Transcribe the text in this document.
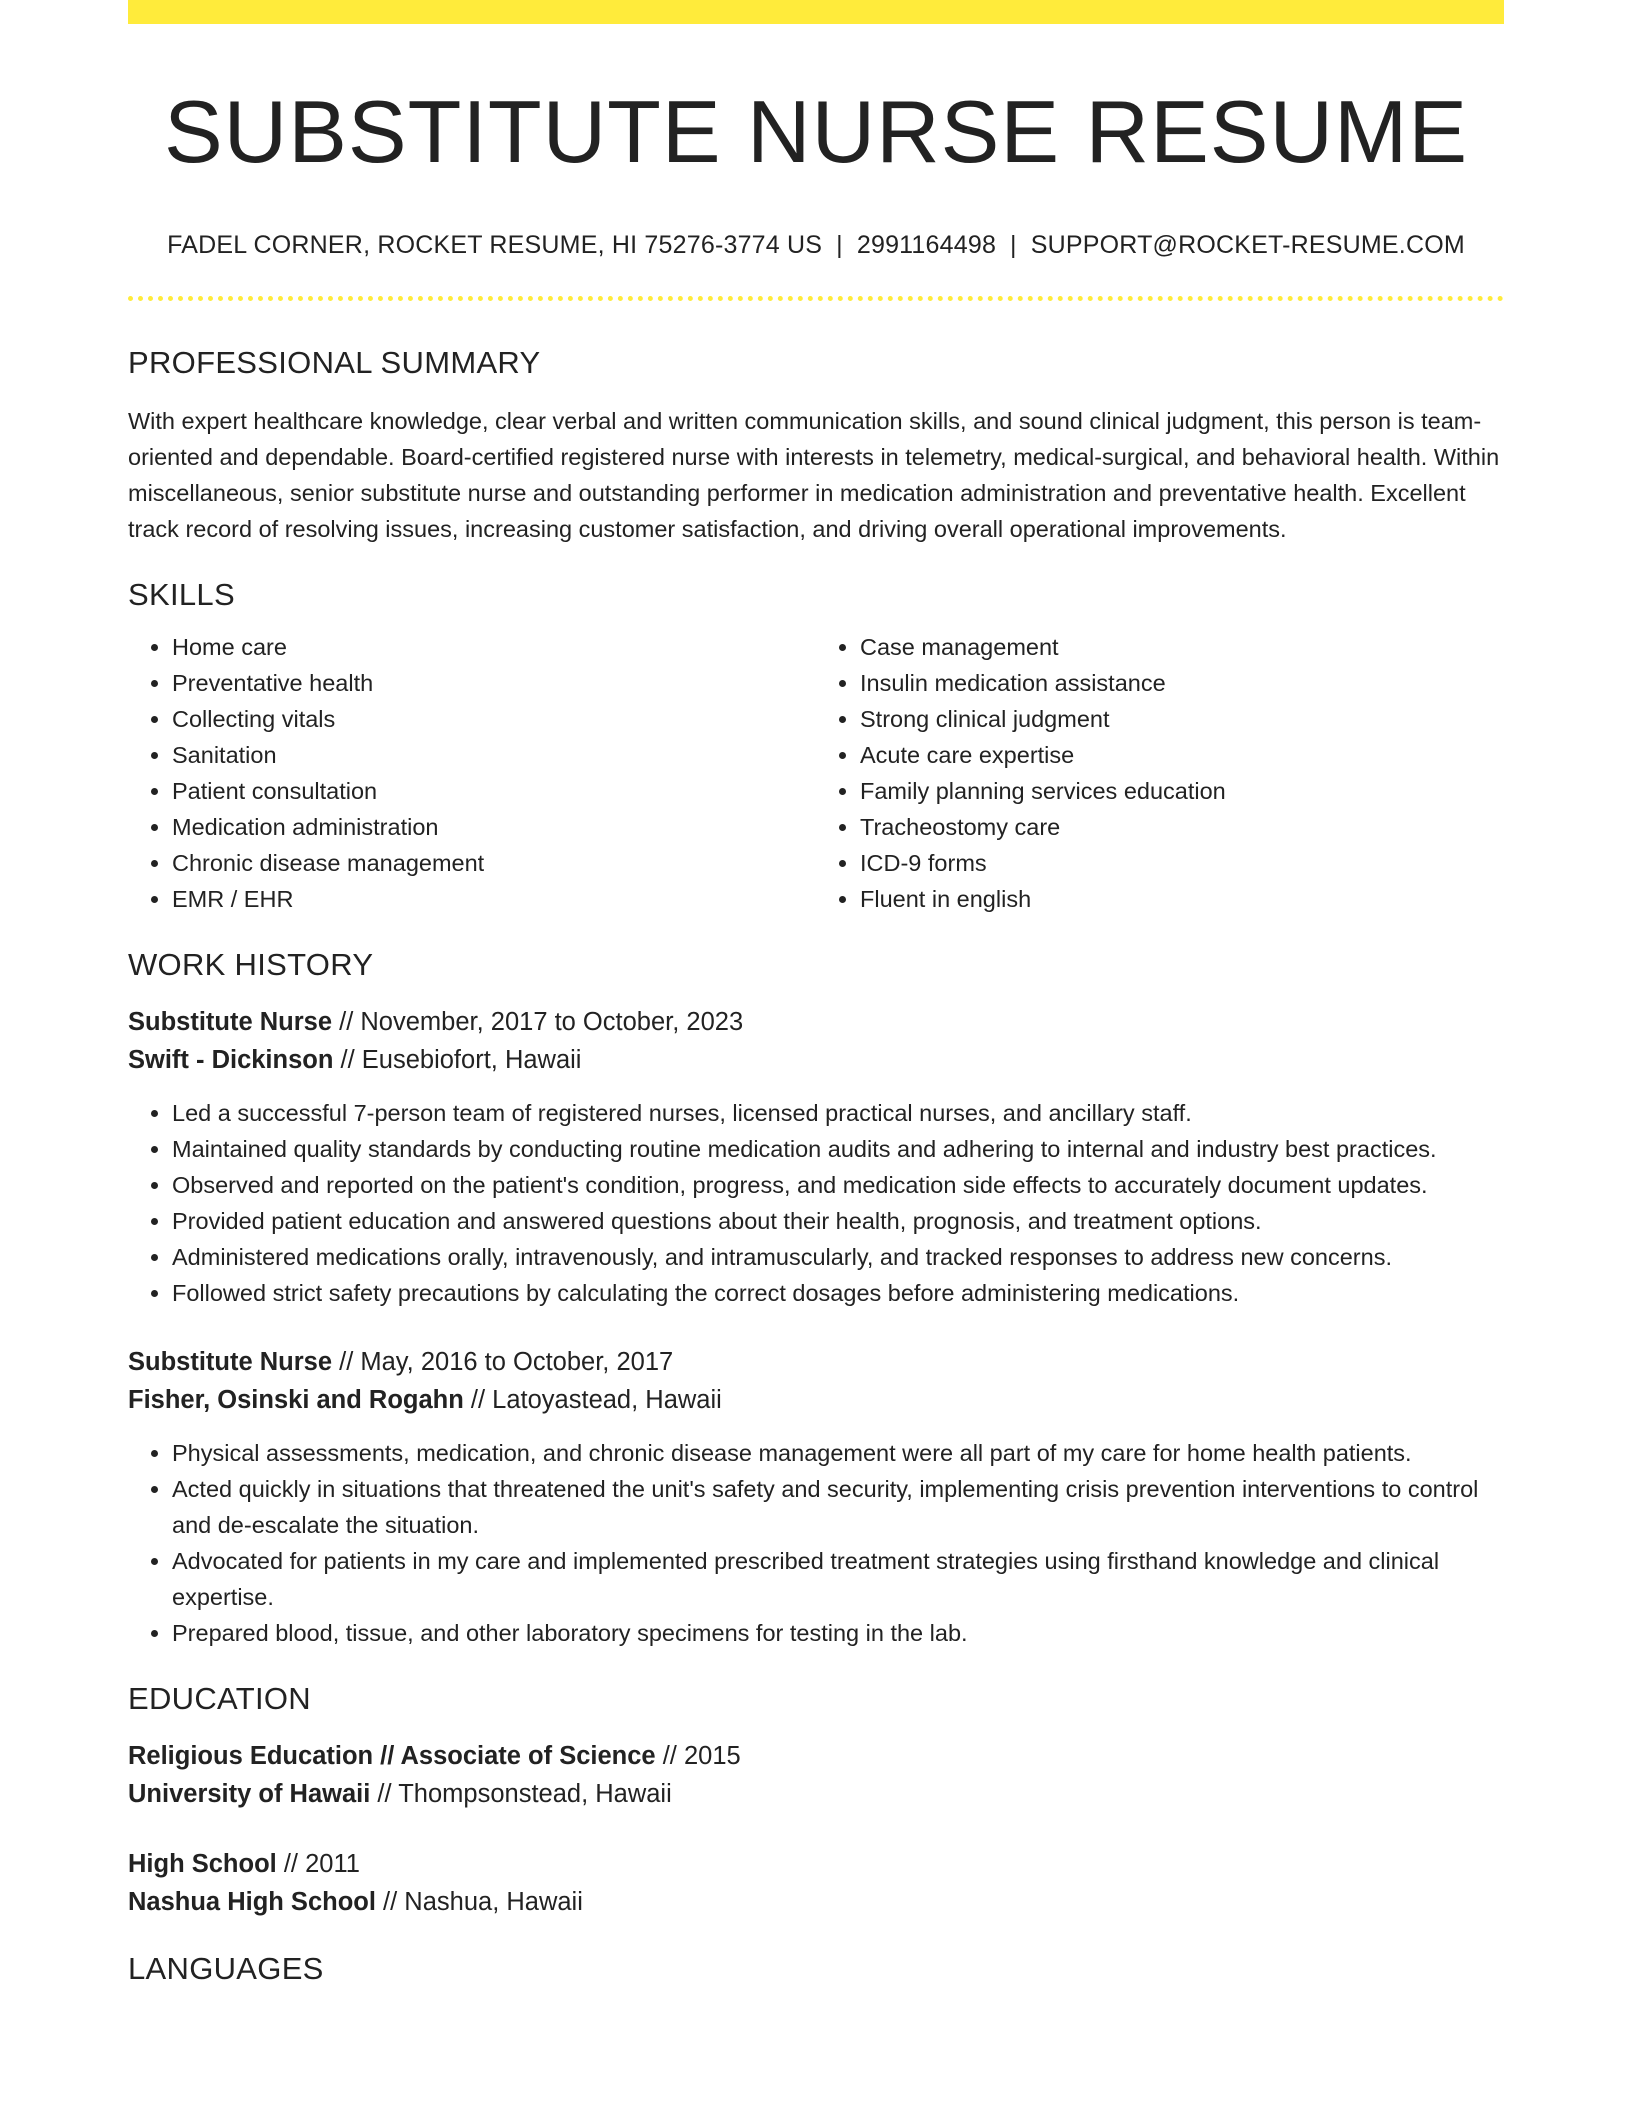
SUBSTITUTE NURSE RESUME
FADEL CORNER, ROCKET RESUME, HI 75276-3774 US | 2991164498 | SUPPORT@ROCKET-RESUME.COM
PROFESSIONAL SUMMARY

With expert healthcare knowledge, clear verbal and written communication skills, and sound clinical judgment, this person is team-oriented and dependable. Board-certified registered nurse with interests in telemetry, medical-surgical, and behavioral health. Within miscellaneous, senior substitute nurse and outstanding performer in medication administration and preventative health. Excellent track record of resolving issues, increasing customer satisfaction, and driving overall operational improvements.

SKILLS
• Home care
• Preventative health
• Collecting vitals
• Sanitation
• Patient consultation
• Medication administration
• Chronic disease management
• EMR / EHR
• Case management
• Insulin medication assistance
• Strong clinical judgment
• Acute care expertise
• Family planning services education
• Tracheostomy care
• ICD-9 forms
• Fluent in english
WORK HISTORY
Substitute Nurse // November, 2017 to October, 2023
Swift - Dickinson // Eusebiofort, Hawaii
• Led a successful 7-person team of registered nurses, licensed practical nurses, and ancillary staff.
• Maintained quality standards by conducting routine medication audits and adhering to internal and industry best practices.
• Observed and reported on the patient's condition, progress, and medication side effects to accurately document updates.
• Provided patient education and answered questions about their health, prognosis, and treatment options.
• Administered medications orally, intravenously, and intramuscularly, and tracked responses to address new concerns.
• Followed strict safety precautions by calculating the correct dosages before administering medications.
Substitute Nurse // May, 2016 to October, 2017
Fisher, Osinski and Rogahn // Latoyastead, Hawaii
• Physical assessments, medication, and chronic disease management were all part of my care for home health patients.
• Acted quickly in situations that threatened the unit's safety and security, implementing crisis prevention interventions to control and de-escalate the situation.
• Advocated for patients in my care and implemented prescribed treatment strategies using firsthand knowledge and clinical expertise.
• Prepared blood, tissue, and other laboratory specimens for testing in the lab.
EDUCATION
Religious Education // Associate of Science // 2015
University of Hawaii // Thompsonstead, Hawaii
High School // 2011
Nashua High School // Nashua, Hawaii
LANGUAGES
